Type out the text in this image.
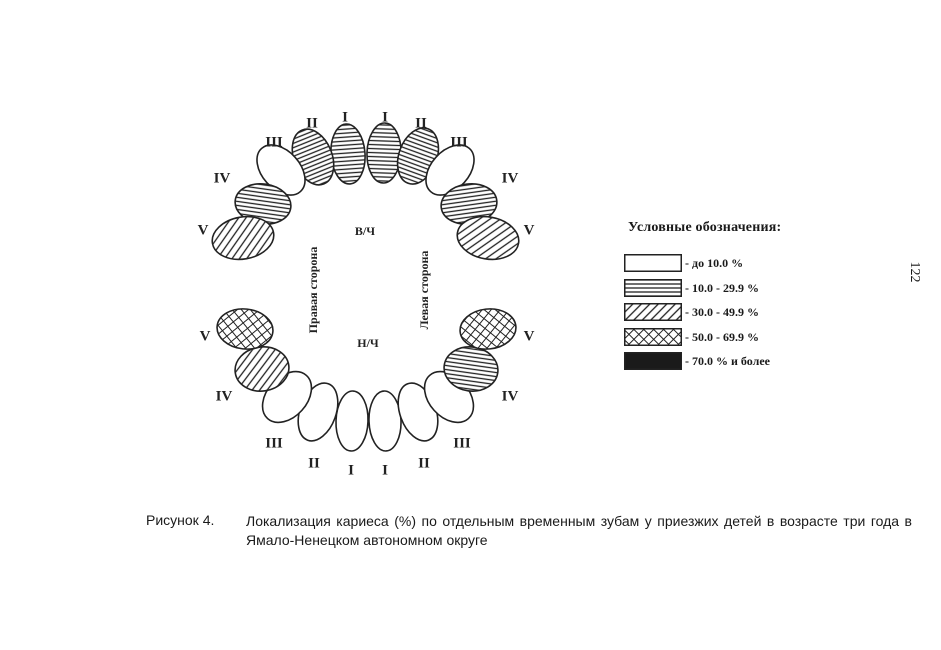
I
II
III
IV
V
I II
III
IV
V
I
II
III
IV
V
I II
III
IV
V
В/Ч
Н/Ч
Правая сторона	Левая сторона
Условные обозначения:
- до 10.0 %
- 10.0 - 29.9 %
- 30.0 - 49.9 %
- 50.0 - 69.9 %
- 70.0 % и более
122
Рисунок 4. Локализация кариеса (%) по отдельным временным зубам у приезжих детей в возрасте три года в Ямало-Ненецком автономном округе
